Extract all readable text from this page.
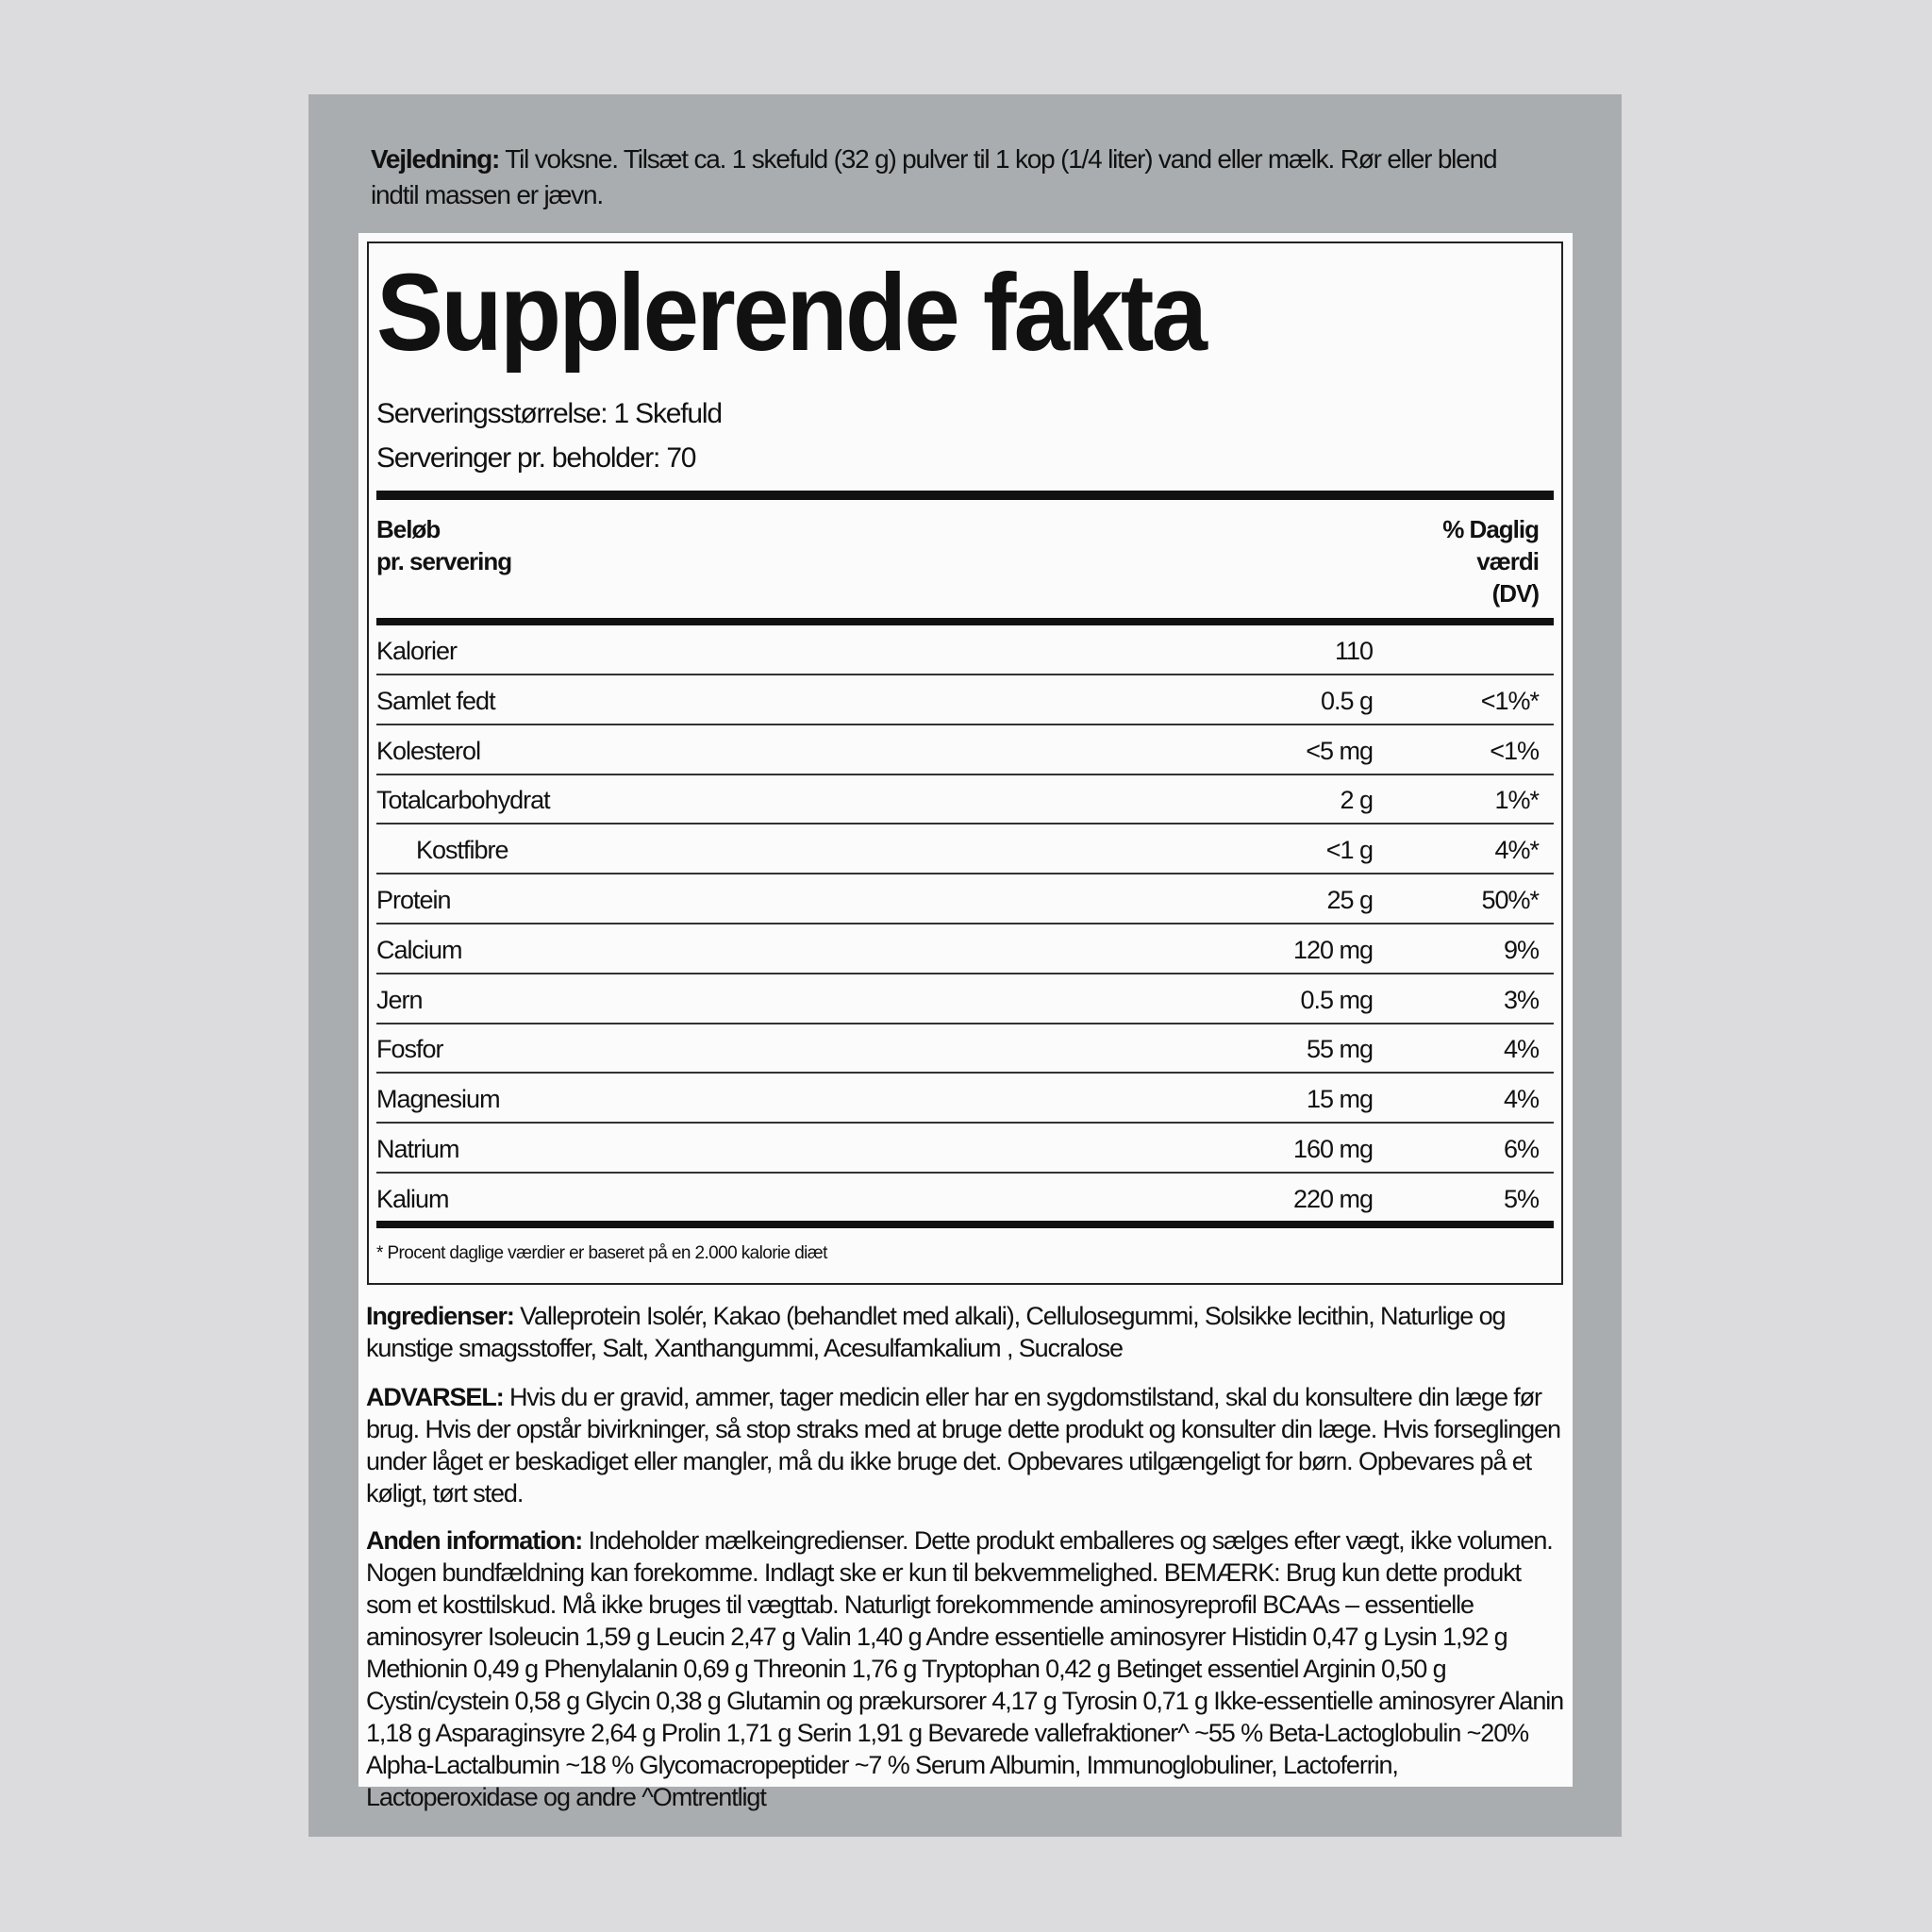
Vejledning: Til voksne. Tilsæt ca. 1 skefuld (32 g) pulver til 1 kop (1/4 liter) vand eller mælk. Rør eller blend indtil massen er jævn.

Supplerende fakta
Serveringsstørrelse: 1 Skefuld
Serveringer pr. beholder: 70
Beløb
pr. servering
% Daglig
værdi
(DV)
Kalorier	110
Samlet fedt	0.5 g	<1%*
Kolesterol	<5 mg	<1%
Totalcarbohydrat	2 g	1%*
Kostfibre	<1 g	4%*
Protein	25 g	50%*
Calcium	120 mg	9%
Jern	0.5 mg	3%
Fosfor	55 mg	4%
Magnesium	15 mg	4%
Natrium	160 mg	6%
Kalium	220 mg	5%
* Procent daglige værdier er baseret på en 2.000 kalorie diæt

Ingredienser: Valleprotein Isolér, Kakao (behandlet med alkali), Cellulosegummi, Solsikke lecithin, Naturlige og kunstige smagsstoffer, Salt, Xanthangummi, Acesulfamkalium , Sucralose

ADVARSEL: Hvis du er gravid, ammer, tager medicin eller har en sygdomstilstand, skal du konsultere din læge før brug. Hvis der opstår bivirkninger, så stop straks med at bruge dette produkt og konsulter din læge. Hvis forseglingen under låget er beskadiget eller mangler, må du ikke bruge det. Opbevares utilgængeligt for børn. Opbevares på et køligt, tørt sted.

Anden information: Indeholder mælkeingredienser. Dette produkt emballeres og sælges efter vægt, ikke volumen. Nogen bundfældning kan forekomme. Indlagt ske er kun til bekvemmelighed. BEMÆRK: Brug kun dette produkt som et kosttilskud. Må ikke bruges til vægttab. Naturligt forekommende aminosyreprofil BCAAs – essentielle aminosyrer Isoleucin 1,59 g Leucin 2,47 g Valin 1,40 g Andre essentielle aminosyrer Histidin 0,47 g Lysin 1,92 g Methionin 0,49 g Phenylalanin 0,69 g Threonin 1,76 g Tryptophan 0,42 g Betinget essentiel Arginin 0,50 g Cystin/cystein 0,58 g Glycin 0,38 g Glutamin og prækursorer 4,17 g Tyrosin 0,71 g Ikke-essentielle aminosyrer Alanin 1,18 g Asparaginsyre 2,64 g Prolin 1,71 g Serin 1,91 g Bevarede vallefraktioner^ ~55 % Beta-Lactoglobulin ~20% Alpha-Lactalbumin ~18 % Glycomacropeptider ~7 % Serum Albumin, Immunoglobuliner, Lactoferrin, Lactoperoxidase og andre ^Omtrentligt
